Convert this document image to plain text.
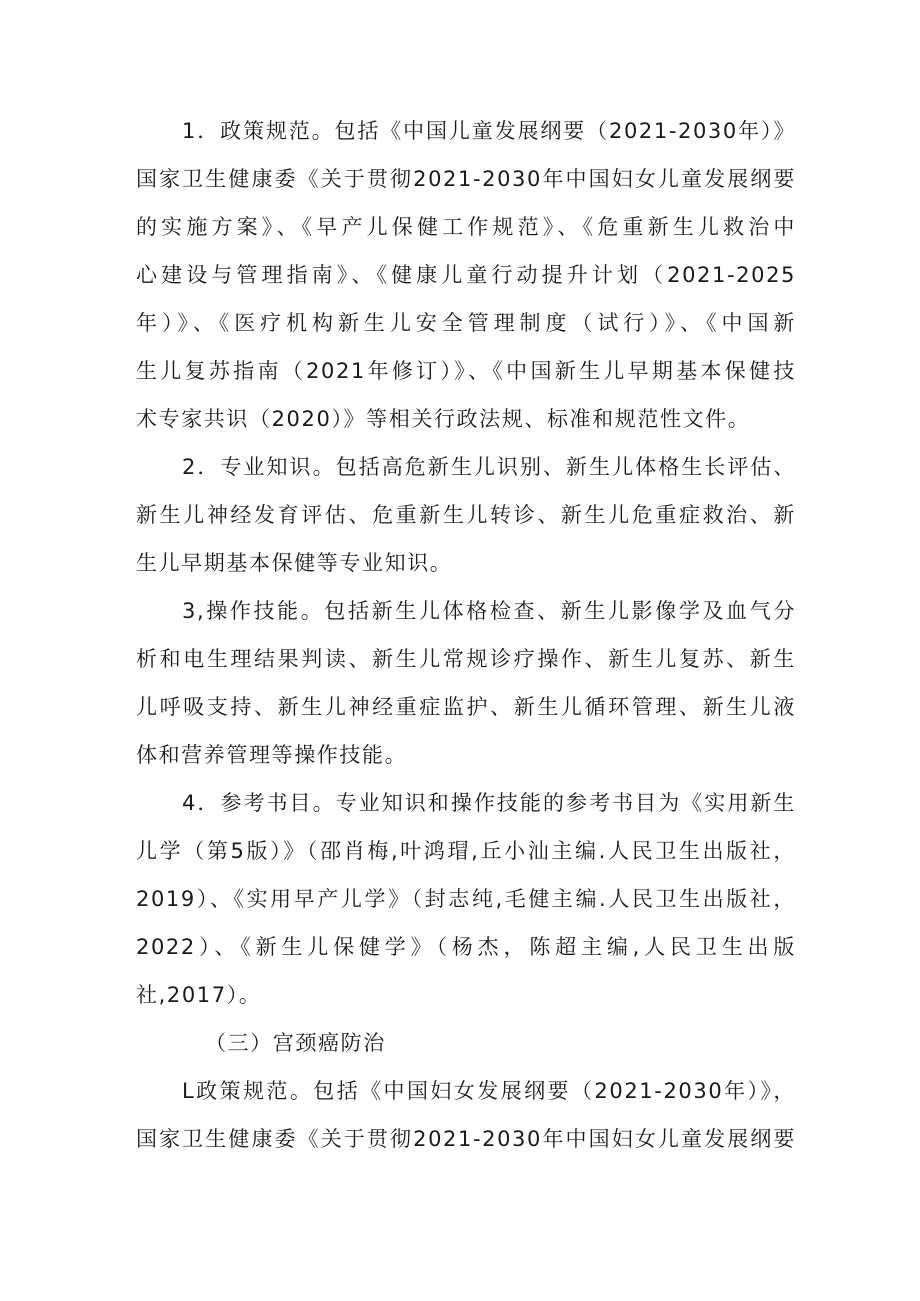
1．政策规范。包括《中国儿童发展纲要（2021-2030年）》
国家卫生健康委《关于贯彻2021-2030年中国妇女儿童发展纲要
的实施方案》、《早产儿保健工作规范》、《危重新生儿救治中
心建设与管理指南》、《健康儿童行动提升计划（2021-2025
年）》、《医疗机构新生儿安全管理制度（试行）》、《中国新
生儿复苏指南（2021年修订）》、《中国新生儿早期基本保健技
术专家共识（2020）》等相关行政法规、标准和规范性文件。
2．专业知识。包括高危新生儿识别、新生儿体格生长评估、
新生儿神经发育评估、危重新生儿转诊、新生儿危重症救治、新
生儿早期基本保健等专业知识。
3,操作技能。包括新生儿体格检查、新生儿影像学及血气分
析和电生理结果判读、新生儿常规诊疗操作、新生儿复苏、新生
儿呼吸支持、新生儿神经重症监护、新生儿循环管理、新生儿液
体和营养管理等操作技能。
4．参考书目。专业知识和操作技能的参考书目为《实用新生
儿学（第5版）》（邵肖梅,叶鸿瑁,丘小汕主编.人民卫生出版社，
2019）、《实用早产儿学》（封志纯,毛健主编.人民卫生出版社，
2022）、《新生儿保健学》（杨杰，陈超主编,人民卫生出版
社,2017）。
（三）宫颈癌防治
L政策规范。包括《中国妇女发展纲要（2021-2030年）》，
国家卫生健康委《关于贯彻2021-2030年中国妇女儿童发展纲要
